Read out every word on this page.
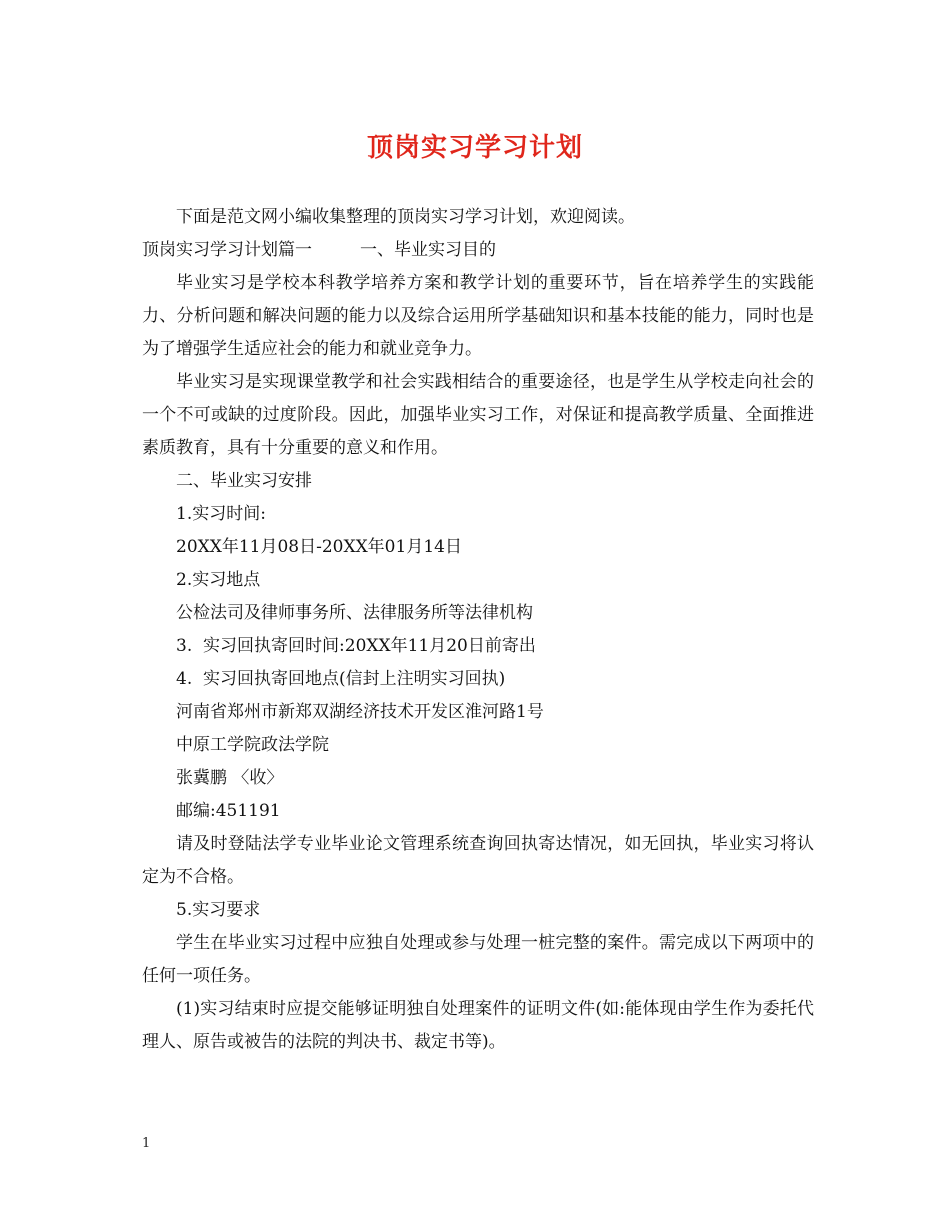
顶岗实习学习计划

下面是范文网小编收集整理的顶岗实习学习计划，欢迎阅读。

顶岗实习学习计划篇一	一、毕业实习目的

毕业实习是学校本科教学培养方案和教学计划的重要环节，旨在培养学生的实践能力、分析问题和解决问题的能力以及综合运用所学基础知识和基本技能的能力，同时也是为了增强学生适应社会的能力和就业竞争力。

毕业实习是实现课堂教学和社会实践相结合的重要途径，也是学生从学校走向社会的一个不可或缺的过度阶段。因此，加强毕业实习工作，对保证和提高教学质量、全面推进素质教育，具有十分重要的意义和作用。

二、毕业实习安排

1.实习时间:

20XX年11月08日-20XX年01月14日

2.实习地点

公检法司及律师事务所、法律服务所等法律机构

3.  实习回执寄回时间:20XX年11月20日前寄出

4.  实习回执寄回地点(信封上注明实习回执)

河南省郑州市新郑双湖经济技术开发区淮河路1号

中原工学院政法学院

张冀鹏 〈收〉

邮编:451191

请及时登陆法学专业毕业论文管理系统查询回执寄达情况，如无回执，毕业实习将认定为不合格。

5.实习要求

学生在毕业实习过程中应独自处理或参与处理一桩完整的案件。需完成以下两项中的任何一项任务。

(1)实习结束时应提交能够证明独自处理案件的证明文件(如:能体现由学生作为委托代理人、原告或被告的法院的判决书、裁定书等)。

1
